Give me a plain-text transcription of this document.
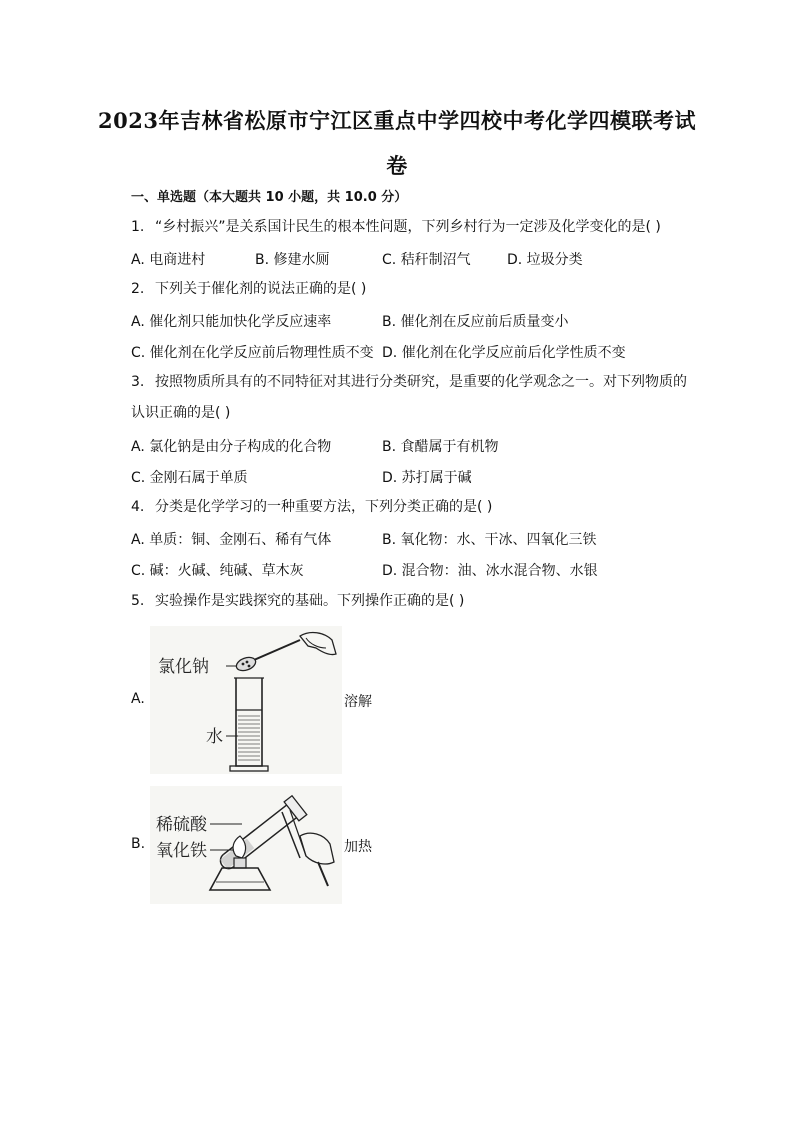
2023年吉林省松原市宁江区重点中学四校中考化学四模联考试
卷
一、单选题（本大题共 10 小题，共 10.0 分）
1. “乡村振兴”是关系国计民生的根本性问题，下列乡村行为一定涉及化学变化的是( )
A. 电商进村	B. 修建水厕	C. 秸秆制沼气	D. 垃圾分类
2. 下列关于催化剂的说法正确的是( )
A. 催化剂只能加快化学反应速率	B. 催化剂在反应前后质量变小
C. 催化剂在化学反应前后物理性质不变 D. 催化剂在化学反应前后化学性质不变
3. 按照物质所具有的不同特征对其进行分类研究，是重要的化学观念之一。对下列物质的
认识正确的是( )
A. 氯化钠是由分子构成的化合物	B. 食醋属于有机物
C. 金刚石属于单质	D. 苏打属于碱
4. 分类是化学学习的一种重要方法，下列分类正确的是( )
A. 单质：铜、金刚石、稀有气体	B. 氧化物：水、干冰、四氧化三铁
C. 碱：火碱、纯碱、草木灰	D. 混合物：油、冰水混合物、水银
5. 实验操作是实践探究的基础。下列操作正确的是( )
A.
氯化钠
水
溶解
B.
稀硫酸
氧化铁	加热
